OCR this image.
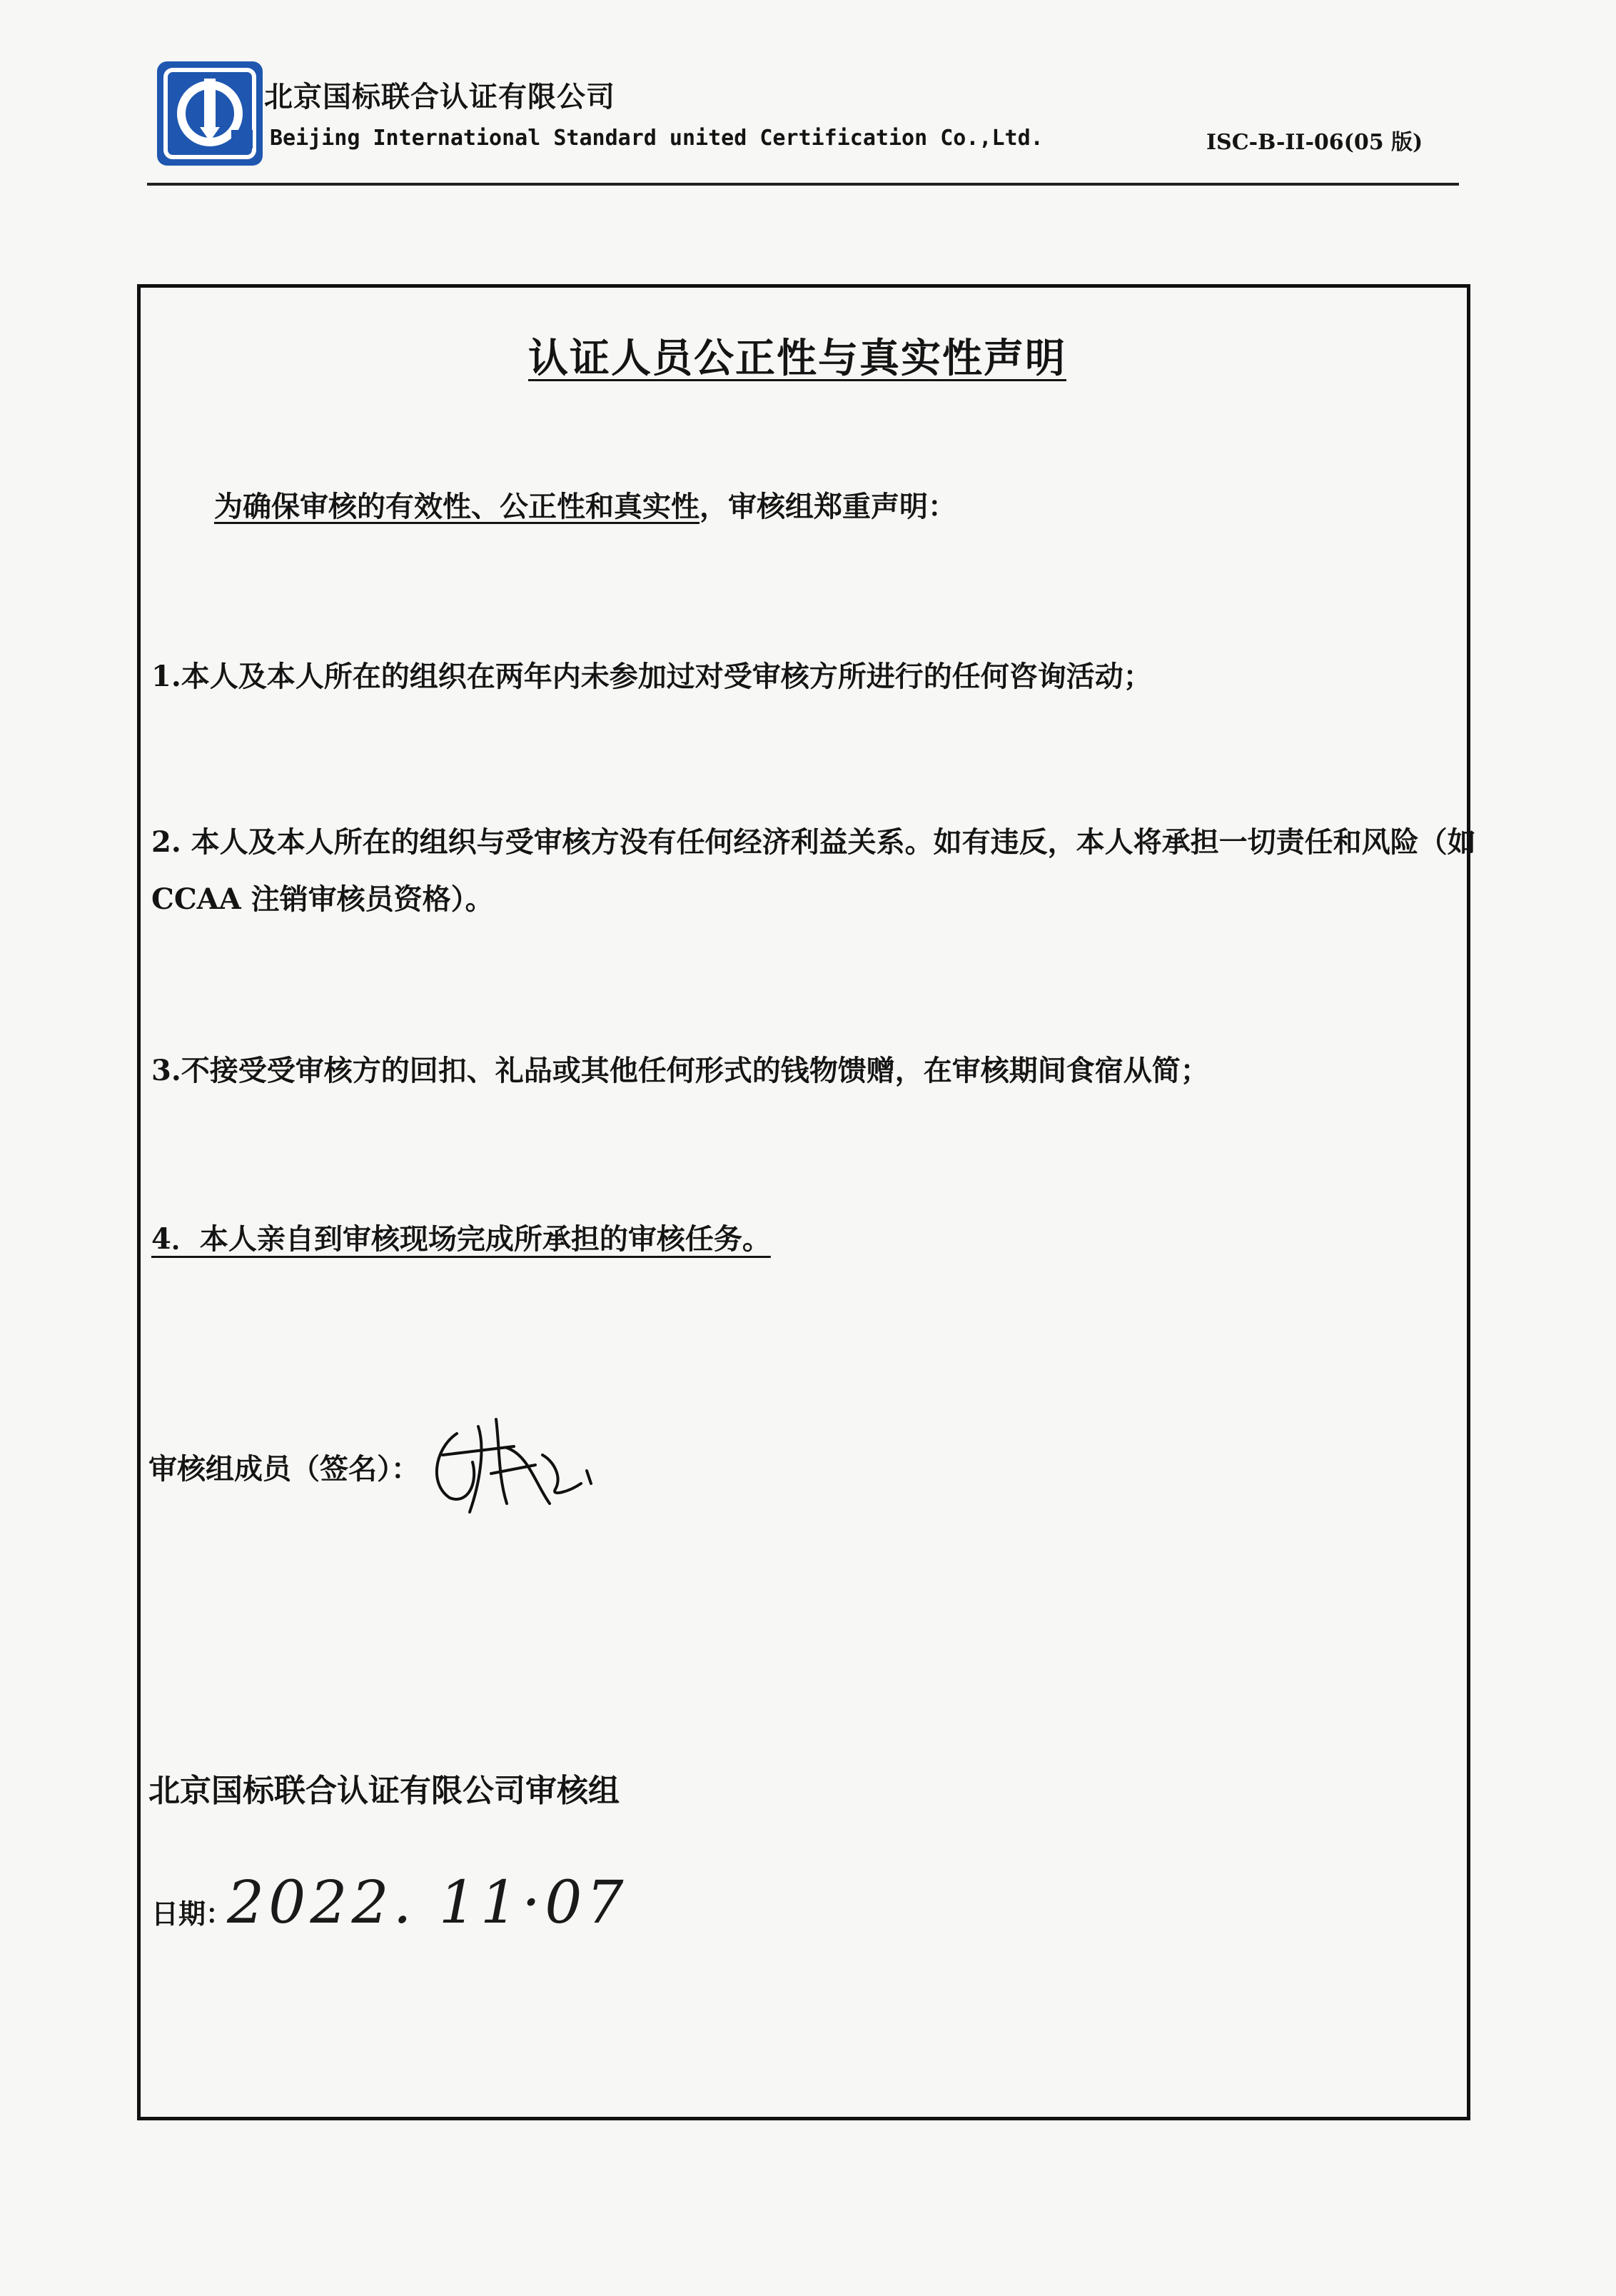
北京国标联合认证有限公司
Beijing International Standard united Certification Co.,Ltd.	ISC-B-II-06(05 版)
认证人员公正性与真实性声明
为确保审核的有效性、公正性和真实性，审核组郑重声明：
1.本人及本人所在的组织在两年内未参加过对受审核方所进行的任何咨询活动；
2. 本人及本人所在的组织与受审核方没有任何经济利益关系。如有违反，本人将承担一切责任和风险（如 CCAA 注销审核员资格）。
3.不接受受审核方的回扣、礼品或其他任何形式的钱物馈赠，在审核期间食宿从简；
4．本人亲自到审核现场完成所承担的审核任务。
审核组成员（签名）：
北京国标联合认证有限公司审核组
日期：
2022. 11·07
